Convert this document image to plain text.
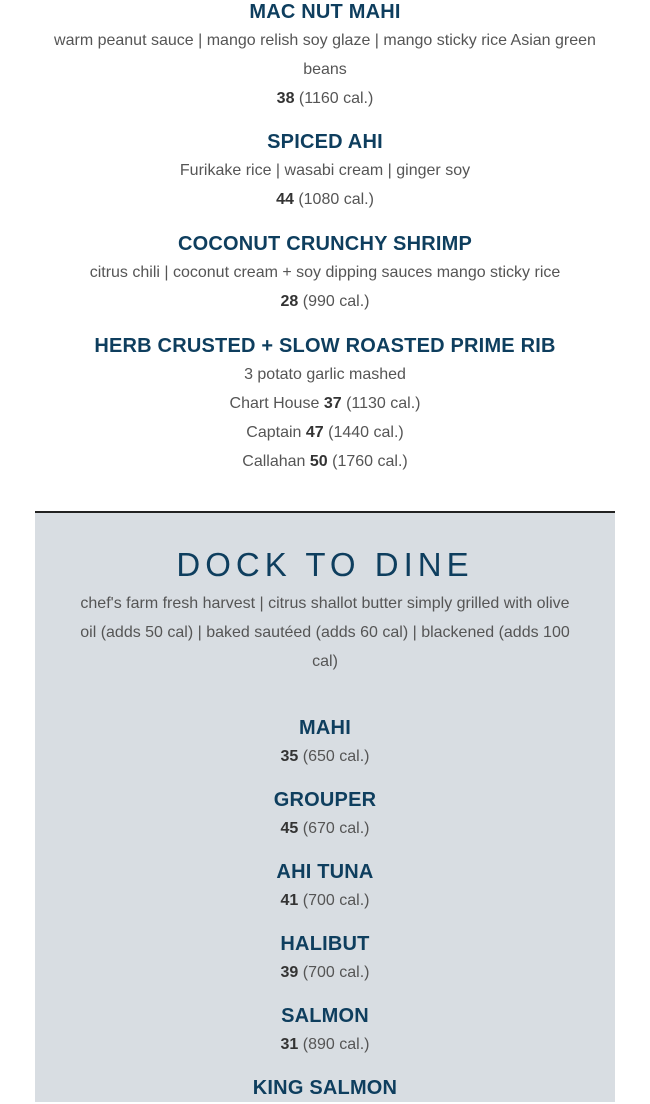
MAC NUT MAHI

warm peanut sauce | mango relish soy glaze | mango sticky rice Asian green beans

38 (1160 cal.)

SPICED AHI

Furikake rice | wasabi cream | ginger soy

44 (1080 cal.)

COCONUT CRUNCHY SHRIMP

citrus chili | coconut cream + soy dipping sauces mango sticky rice

28 (990 cal.)

HERB CRUSTED + SLOW ROASTED PRIME RIB

3 potato garlic mashed

Chart House 37 (1130 cal.)

Captain 47 (1440 cal.)

Callahan 50 (1760 cal.)

DOCK TO DINE

chef's farm fresh harvest | citrus shallot butter simply grilled with olive oil (adds 50 cal) | baked sautéed (adds 60 cal) | blackened (adds 100 cal)

MAHI

35 (650 cal.)

GROUPER

45 (670 cal.)

AHI TUNA

41 (700 cal.)

HALIBUT

39 (700 cal.)

SALMON

31 (890 cal.)

KING SALMON
